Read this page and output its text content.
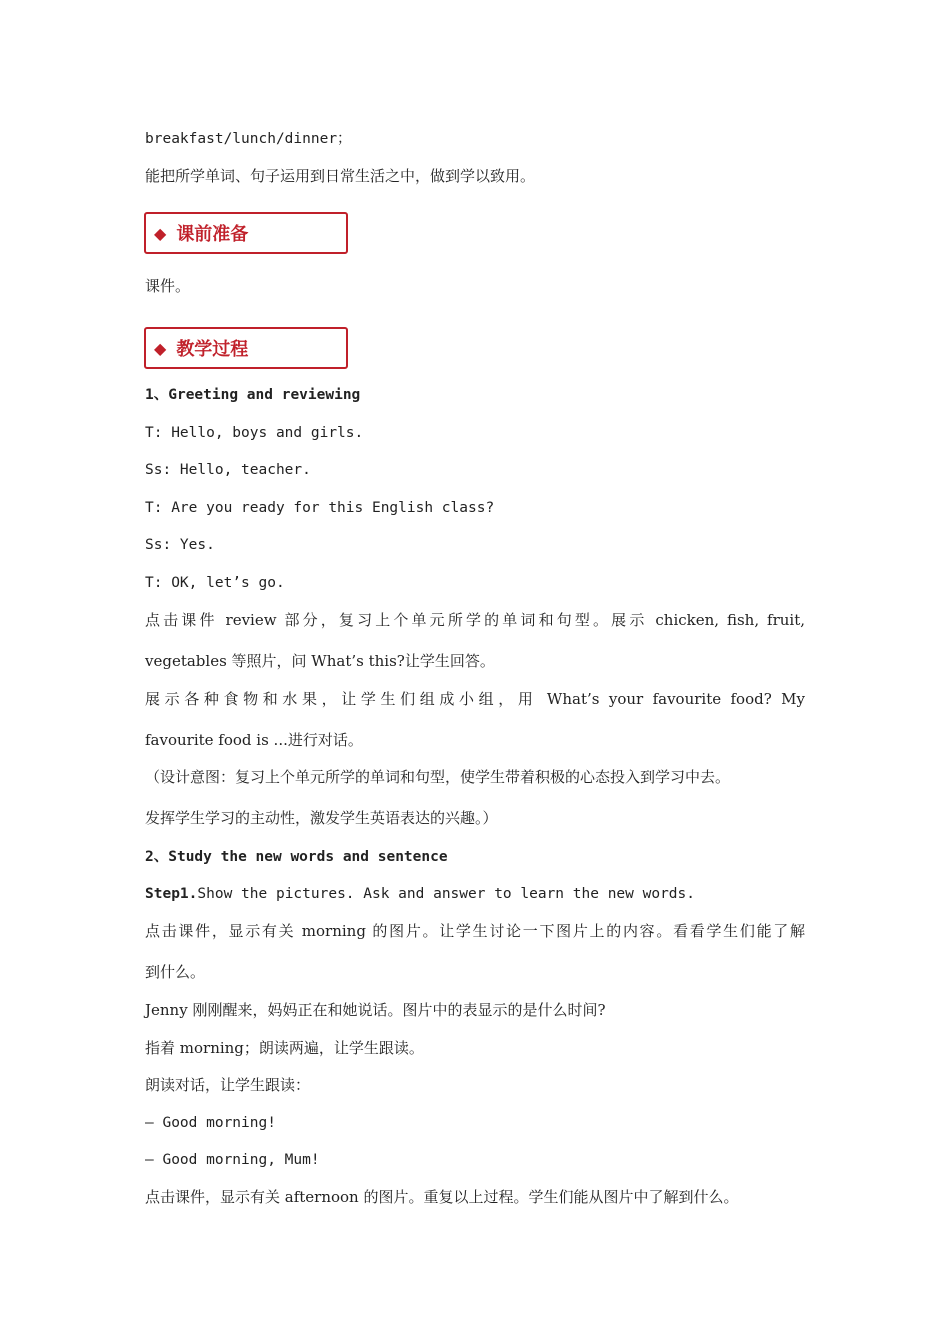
breakfast/lunch/dinner；
能把所学单词、句子运用到日常生活之中，做到学以致用。
◆ 课前准备
课件。
◆ 教学过程
1、Greeting and reviewing
T: Hello, boys and girls.
Ss: Hello, teacher.
T: Are you ready for this English class?
Ss: Yes.
T: OK, let’s go.
点击课件 review 部分，复习上个单元所学的单词和句型。展示 chicken, fish, fruit,
vegetables 等照片，问 What’s this?让学生回答。
展示各种食物和水果，让学生们组成小组，用 What’s your favourite food? My
favourite food is ...进行对话。
（设计意图：复习上个单元所学的单词和句型，使学生带着积极的心态投入到学习中去。
发挥学生学习的主动性，激发学生英语表达的兴趣。）
2、Study the new words and sentence
Step1.Show the pictures. Ask and answer to learn the new words.
点击课件，显示有关 morning 的图片。让学生讨论一下图片上的内容。看看学生们能了解
到什么。
Jenny 刚刚醒来，妈妈正在和她说话。图片中的表显示的是什么时间?
指着 morning；朗读两遍，让学生跟读。
朗读对话，让学生跟读：
— Good morning!
— Good morning, Mum!
点击课件，显示有关 afternoon 的图片。重复以上过程。学生们能从图片中了解到什么。
